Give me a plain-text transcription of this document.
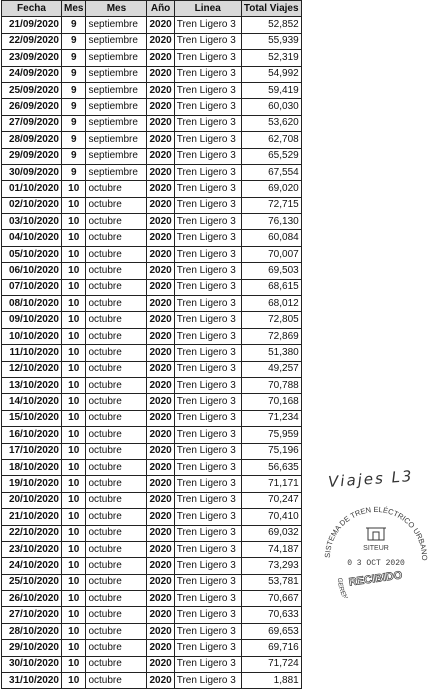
Fecha	Mes	Mes	Año	Linea	Total Viajes
21/09/2020	9	septiembre	2020	Tren Ligero 3	52,852
22/09/2020	9	septiembre	2020	Tren Ligero 3	55,939
23/09/2020	9	septiembre	2020	Tren Ligero 3	52,319
24/09/2020	9	septiembre	2020	Tren Ligero 3	54,992
25/09/2020	9	septiembre	2020	Tren Ligero 3	59,419
26/09/2020	9	septiembre	2020	Tren Ligero 3	60,030
27/09/2020	9	septiembre	2020	Tren Ligero 3	53,620
28/09/2020	9	septiembre	2020	Tren Ligero 3	62,708
29/09/2020	9	septiembre	2020	Tren Ligero 3	65,529
30/09/2020	9	septiembre	2020	Tren Ligero 3	67,554
01/10/2020	10	octubre	2020	Tren Ligero 3	69,020
02/10/2020	10	octubre	2020	Tren Ligero 3	72,715
03/10/2020	10	octubre	2020	Tren Ligero 3	76,130
04/10/2020	10	octubre	2020	Tren Ligero 3	60,084
05/10/2020	10	octubre	2020	Tren Ligero 3	70,007
06/10/2020	10	octubre	2020	Tren Ligero 3	69,503
07/10/2020	10	octubre	2020	Tren Ligero 3	68,615
08/10/2020	10	octubre	2020	Tren Ligero 3	68,012
09/10/2020	10	octubre	2020	Tren Ligero 3	72,805
10/10/2020	10	octubre	2020	Tren Ligero 3	72,869
11/10/2020	10	octubre	2020	Tren Ligero 3	51,380
12/10/2020	10	octubre	2020	Tren Ligero 3	49,257
13/10/2020	10	octubre	2020	Tren Ligero 3	70,788
14/10/2020	10	octubre	2020	Tren Ligero 3	70,168
15/10/2020	10	octubre	2020	Tren Ligero 3	71,234
16/10/2020	10	octubre	2020	Tren Ligero 3	75,959
17/10/2020	10	octubre	2020	Tren Ligero 3	75,196
18/10/2020	10	octubre	2020	Tren Ligero 3	56,635
19/10/2020	10	octubre	2020	Tren Ligero 3	71,171
20/10/2020	10	octubre	2020	Tren Ligero 3	70,247
21/10/2020	10	octubre	2020	Tren Ligero 3	70,410
22/10/2020	10	octubre	2020	Tren Ligero 3	69,032
23/10/2020	10	octubre	2020	Tren Ligero 3	74,187
24/10/2020	10	octubre	2020	Tren Ligero 3	73,293
25/10/2020	10	octubre	2020	Tren Ligero 3	53,781
26/10/2020	10	octubre	2020	Tren Ligero 3	70,667
27/10/2020	10	octubre	2020	Tren Ligero 3	70,633
28/10/2020	10	octubre	2020	Tren Ligero 3	69,653
29/10/2020	10	octubre	2020	Tren Ligero 3	69,716
30/10/2020	10	octubre	2020	Tren Ligero 3	71,724
31/10/2020	10	octubre	2020	Tren Ligero 3	1,881
Viajes L3
SISTEMA DE TREN ELÉCTRICO URBANO
SITEUR
0 3 OCT 2020
RECIBIDO
GEREN
